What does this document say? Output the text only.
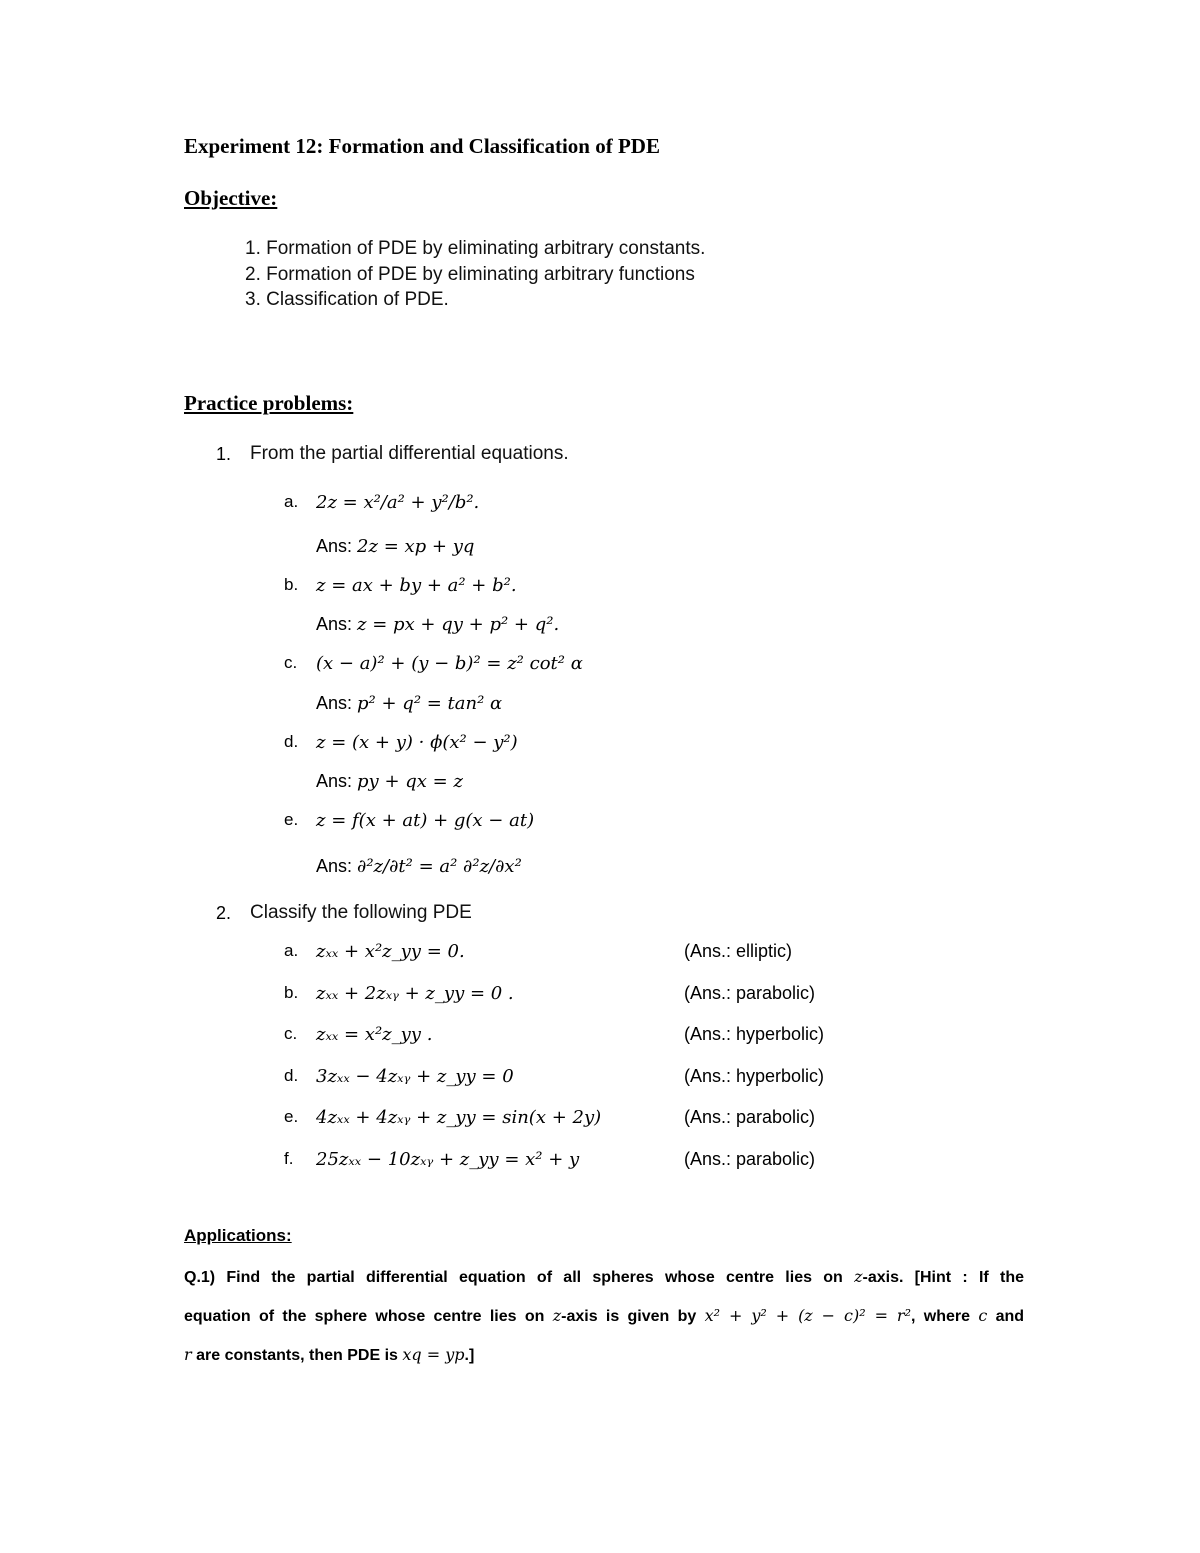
Experiment 12: Formation and Classification of PDE
Objective:
1. Formation of PDE by eliminating arbitrary constants.
2. Formation of PDE by eliminating arbitrary functions
3. Classification of PDE.
Practice problems:
1. From the partial differential equations.
a. 2z = x²/a² + y²/b².
Ans: 2z = xp + yq
b. z = ax + by + a² + b².
Ans: z = px + qy + p² + q².
c.	(x − a)² + (y − b)² = z² cot² α
Ans: p² + q² = tan² α
d. z = (x + y) · ϕ(x² − y²)
Ans: py + qx = z
e. z = f(x + at) + g(x − at)
Ans: ∂²z/∂t² = a² ∂²z/∂x²
2. Classify the following PDE
a. zₓₓ + x²z_yy = 0.	(Ans.: elliptic)
b. zₓₓ + 2zₓᵧ + z_yy = 0 .	(Ans.: parabolic)
c.	zₓₓ = x²z_yy .	(Ans.: hyperbolic)
d. 3zₓₓ − 4zₓᵧ + z_yy = 0	(Ans.: hyperbolic)
e. 4zₓₓ + 4zₓᵧ + z_yy = sin(x + 2y)	(Ans.: parabolic)
f.	25zₓₓ − 10zₓᵧ + z_yy = x² + y	(Ans.: parabolic)
Applications:
Q.1) Find the partial differential equation of all spheres whose centre lies on z-axis. [Hint : If the
equation of the sphere whose centre lies on z-axis is given by x² + y² + (z − c)² = r², where c and
r are constants, then PDE is xq = yp.]
